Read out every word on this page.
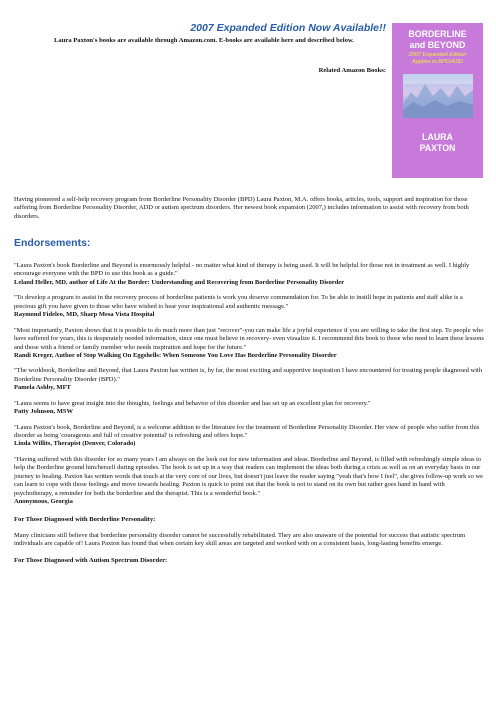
2007 Expanded Edition Now Available!!

Laura Paxton's books are available through Amazon.com. E-books are available here and described below.

Related Amazon Books:
BORDERLINE
and BEYOND
2007 Expanded Edition
Applies to BPD/ASD
LAURA
PAXTON

Having pioneered a self-help recovery program from Borderline Personality Disorder (BPD) Laura Paxton, M.A. offers books, articles, tools, support and inspiration for those suffering from Borderline Personality Disorder, ADD or autism spectrum disorders. Her newest book expansion (2007,) includes information to assist with recovery from both disorders.

Endorsements:
"Laura Paxton's book Borderline and Beyond is enormously helpful - no matter what kind of therapy is being used. It will be helpful for those not in treatment as well. I highly encourage everyone with the BPD to use this book as a guide."
Leland Heller, MD, author of Life At the Border: Understanding and Recovering from Borderline Personality Disorder
"To develop a program to assist in the recovery process of borderline patients is work you deserve commendation for. To be able to instill hope in patients and staff alike is a precious gift you have given to those who have wished to hear your inspirational and authentic message."
Raymond Fideleo, MD, Sharp Mesa Vista Hospital
"Most importantly, Paxton shows that it is possible to do much more than just "recover"-you can make life a joyful experience if you are willing to take the first step. To people who have suffered for years, this is desperately needed information, since one must believe in recovery- even visualize it. I recommend this book to those who need to learn these lessons and those with a friend or family member who needs inspiration and hope for the future."
Randi Kreger, Author of Stop Walking On Eggshells: When Someone You Love Has Borderline Personality Disorder
"The workbook, Borderline and Beyond, that Laura Paxton has written is, by far, the most exciting and supportive inspiration I have encountered for treating people diagnosed with Borderline Personality Disorder (BPD)."
Pamela Ashby, MFT
"Laura seems to have great insight into the thoughts, feelings and behavior of this disorder and has set up an excellent plan for recovery."
Patty Johnson, MSW
"Laura Paxton's book, Borderline and Beyond, is a welcome addition to the literature for the treatment of Borderline Personality Disorder. Her view of people who suffer from this disorder as being 'courageous and full of creative potential' is refreshing and offers hope."
Linda Willits, Therapist (Denver, Colorado)
"Having suffered with this disorder for so many years I am always on the look out for new information and ideas. Borderline and Beyond, is filled with refreshingly simple ideas to help the Borderline ground him/herself during episodes. The book is set up in a way that readers can implement the ideas both during a crisis as well as on an everyday basis in our journey to healing. Paxton has written words that touch at the very core of our lives, but doesn't just leave the reader saying "yeah that's how I feel", she gives follow-up work so we can learn to cope with those feelings and move towards healing. Paxton is quick to point out that the book is not to stand on its own but rather goes hand in hand with psychotherapy, a reminder for both the borderline and the therapist. This is a wonderful book."
Anonymous, Georgia
For Those Diagnosed with Borderline Personality:

Many clinicians still believe that borderline personality disorder cannot be successfully rehabilitated. They are also unaware of the potential for success that autistic spectrum individuals are capable of! Laura Paxton has found that when certain key skill areas are targeted and worked with on a consistent basis, long-lasting benefits emerge.

For Those Diagnosed with Autism Spectrum Disorder:
